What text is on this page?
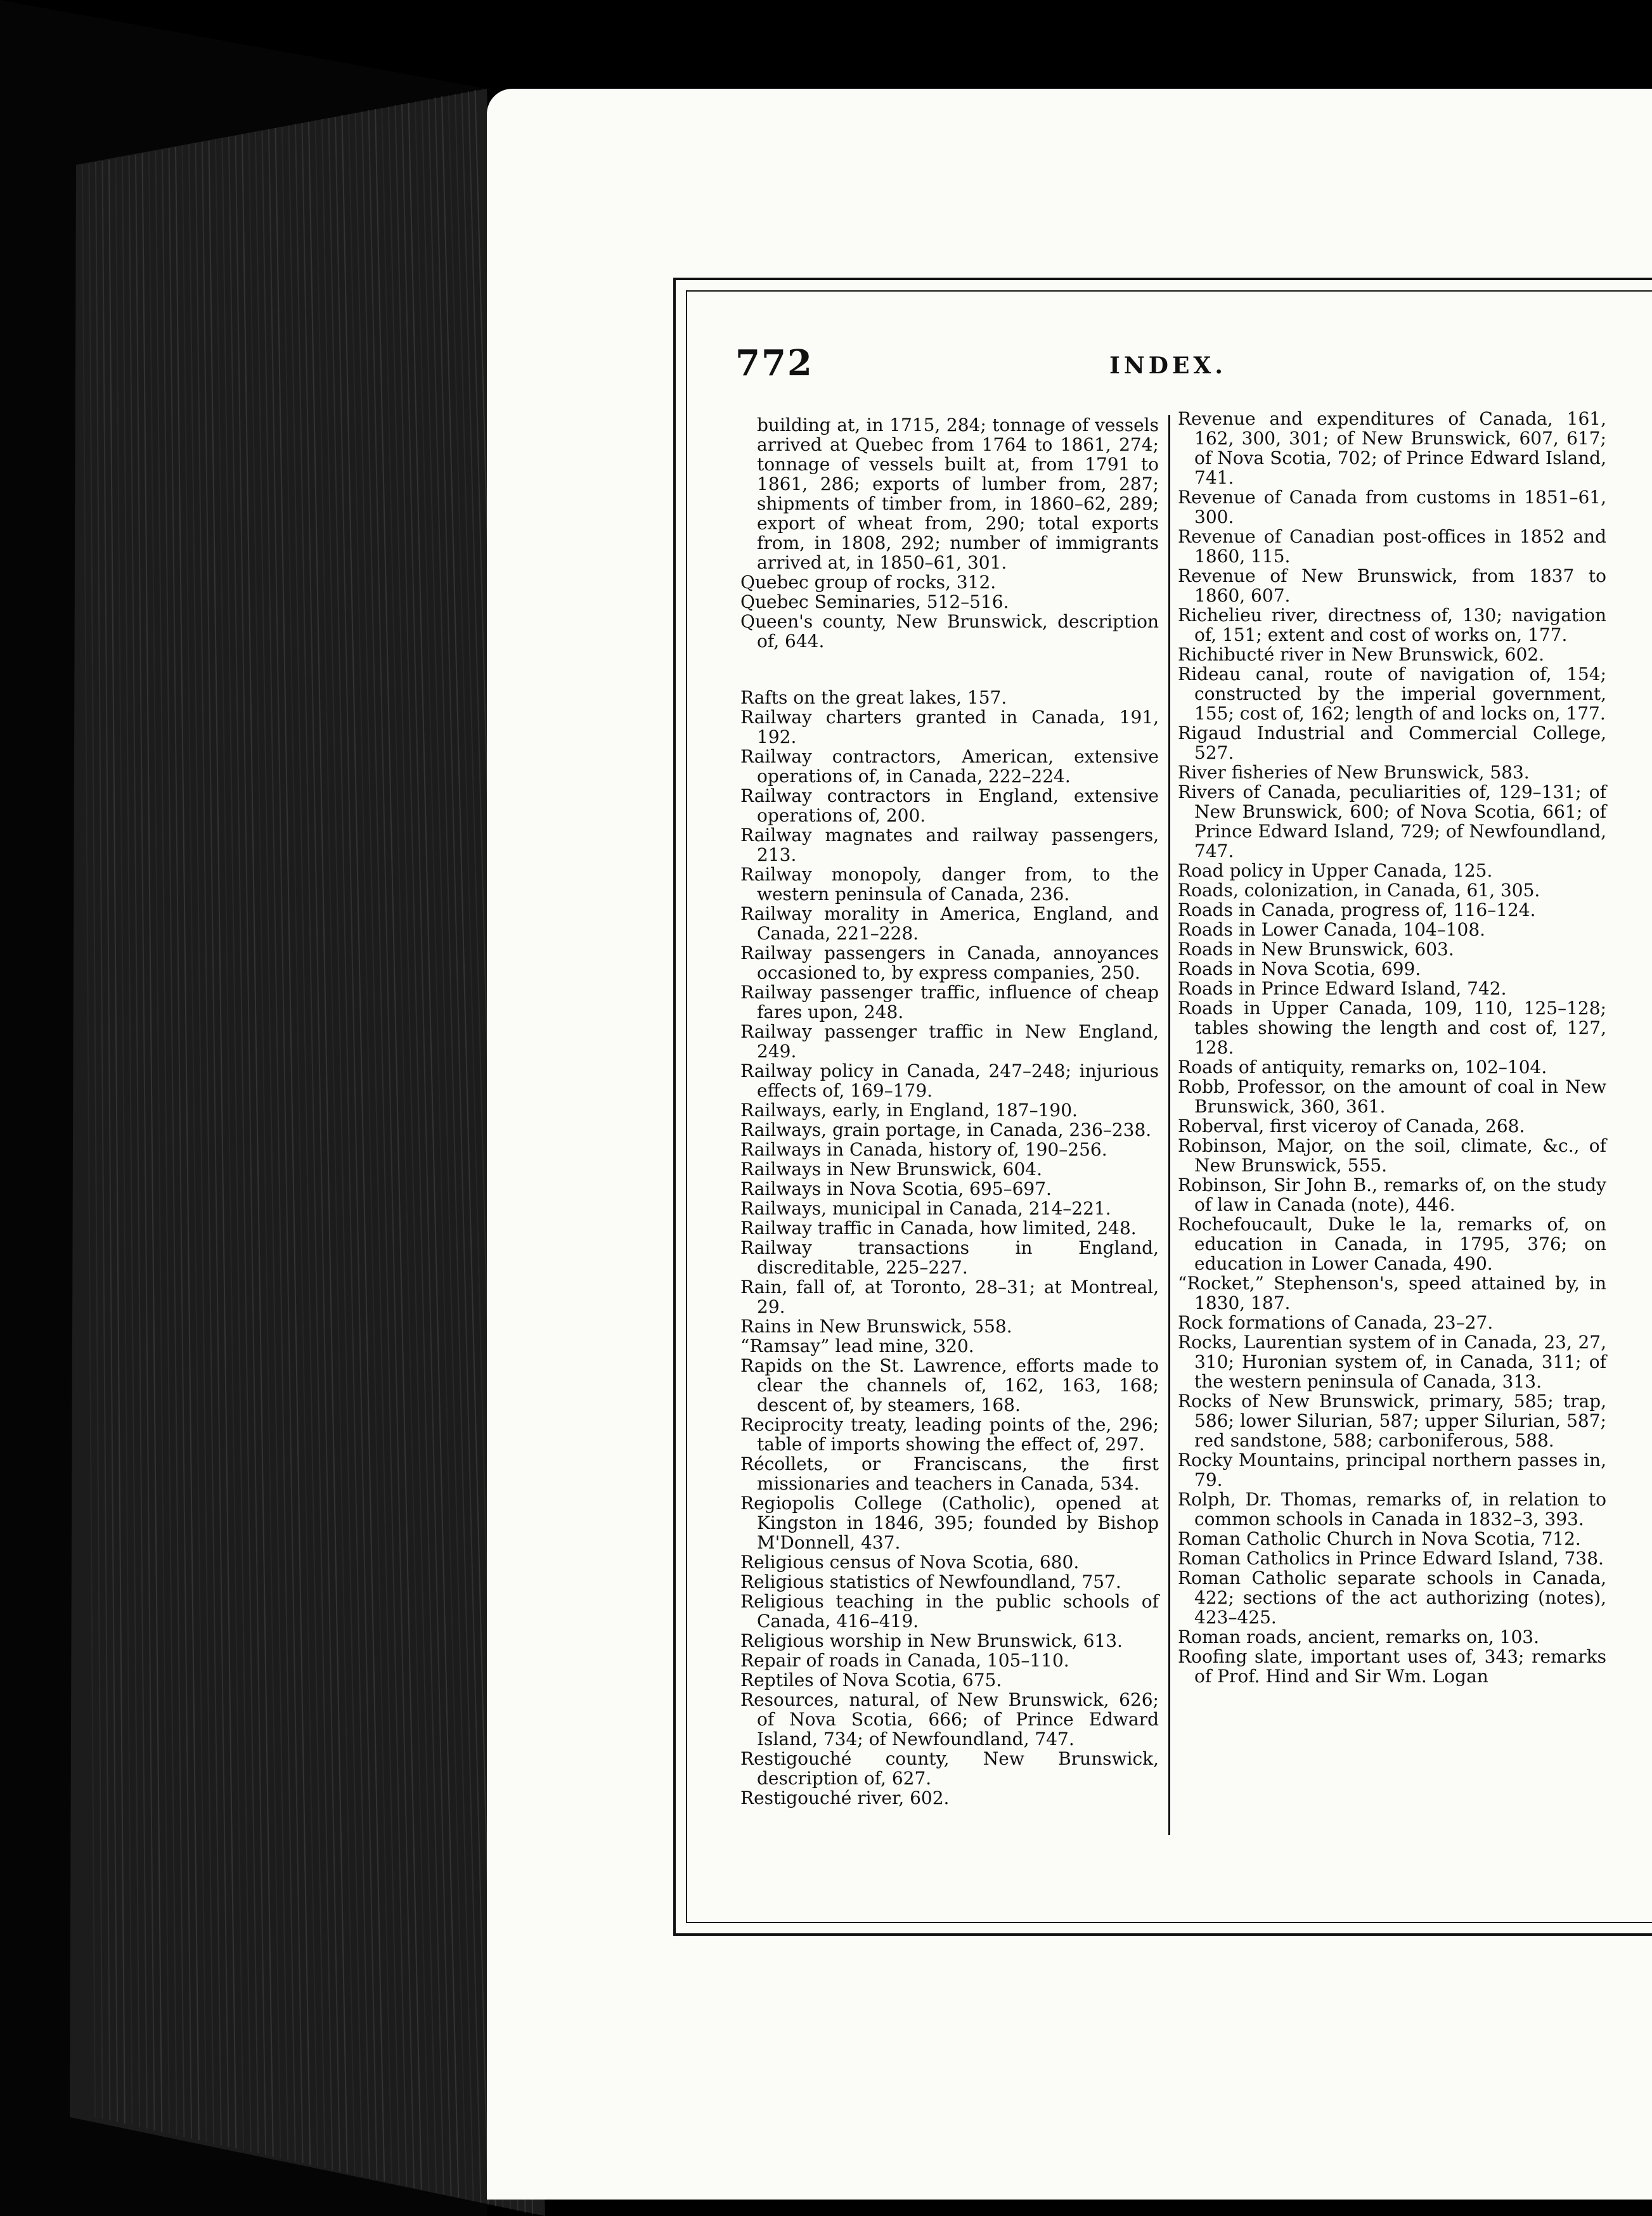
772	INDEX.

building at, in 1715, 284; tonnage of vessels arrived at Quebec from 1764 to 1861, 274; tonnage of vessels built at, from 1791 to 1861, 286; exports of lumber from, 287; shipments of timber from, in 1860–62, 289; export of wheat from, 290; total exports from, in 1808, 292; number of immigrants arrived at, in 1850–61, 301.

Quebec group of rocks, 312.

Quebec Seminaries, 512–516.

Queen's county, New Brunswick, description of, 644.

Rafts on the great lakes, 157.

Railway charters granted in Canada, 191, 192.

Railway contractors, American, extensive operations of, in Canada, 222–224.

Railway contractors in England, extensive operations of, 200.

Railway magnates and railway passengers, 213.

Railway monopoly, danger from, to the western peninsula of Canada, 236.

Railway morality in America, England, and Canada, 221–228.

Railway passengers in Canada, annoyances occasioned to, by express companies, 250.

Railway passenger traffic, influence of cheap fares upon, 248.

Railway passenger traffic in New England, 249.

Railway policy in Canada, 247–248; injurious effects of, 169–179.

Railways, early, in England, 187–190.

Railways, grain portage, in Canada, 236–238.

Railways in Canada, history of, 190–256.

Railways in New Brunswick, 604.

Railways in Nova Scotia, 695–697.

Railways, municipal in Canada, 214–221.

Railway traffic in Canada, how limited, 248.

Railway transactions in England, discreditable, 225–227.

Rain, fall of, at Toronto, 28–31; at Montreal, 29.

Rains in New Brunswick, 558.

“Ramsay” lead mine, 320.

Rapids on the St. Lawrence, efforts made to clear the channels of, 162, 163, 168; descent of, by steamers, 168.

Reciprocity treaty, leading points of the, 296; table of imports showing the effect of, 297.

Récollets, or Franciscans, the first missionaries and teachers in Canada, 534.

Regiopolis College (Catholic), opened at Kingston in 1846, 395; founded by Bishop M'Donnell, 437.

Religious census of Nova Scotia, 680.

Religious statistics of Newfoundland, 757.

Religious teaching in the public schools of Canada, 416–419.

Religious worship in New Brunswick, 613.

Repair of roads in Canada, 105–110.

Reptiles of Nova Scotia, 675.

Resources, natural, of New Brunswick, 626; of Nova Scotia, 666; of Prince Edward Island, 734; of Newfoundland, 747.

Restigouché county, New Brunswick, description of, 627.

Restigouché river, 602.

Revenue and expenditures of Canada, 161, 162, 300, 301; of New Brunswick, 607, 617; of Nova Scotia, 702; of Prince Edward Island, 741.

Revenue of Canada from customs in 1851–61, 300.

Revenue of Canadian post-offices in 1852 and 1860, 115.

Revenue of New Brunswick, from 1837 to 1860, 607.

Richelieu river, directness of, 130; navigation of, 151; extent and cost of works on, 177.

Richibucté river in New Brunswick, 602.

Rideau canal, route of navigation of, 154; constructed by the imperial government, 155; cost of, 162; length of and locks on, 177.

Rigaud Industrial and Commercial College, 527.

River fisheries of New Brunswick, 583.

Rivers of Canada, peculiarities of, 129–131; of New Brunswick, 600; of Nova Scotia, 661; of Prince Edward Island, 729; of Newfoundland, 747.

Road policy in Upper Canada, 125.

Roads, colonization, in Canada, 61, 305.

Roads in Canada, progress of, 116–124.

Roads in Lower Canada, 104–108.

Roads in New Brunswick, 603.

Roads in Nova Scotia, 699.

Roads in Prince Edward Island, 742.

Roads in Upper Canada, 109, 110, 125–128; tables showing the length and cost of, 127, 128.

Roads of antiquity, remarks on, 102–104.

Robb, Professor, on the amount of coal in New Brunswick, 360, 361.

Roberval, first viceroy of Canada, 268.

Robinson, Major, on the soil, climate, &c., of New Brunswick, 555.

Robinson, Sir John B., remarks of, on the study of law in Canada (note), 446.

Rochefoucault, Duke le la, remarks of, on education in Canada, in 1795, 376; on education in Lower Canada, 490.

“Rocket,” Stephenson's, speed attained by, in 1830, 187.

Rock formations of Canada, 23–27.

Rocks, Laurentian system of in Canada, 23, 27, 310; Huronian system of, in Canada, 311; of the western peninsula of Canada, 313.

Rocks of New Brunswick, primary, 585; trap, 586; lower Silurian, 587; upper Silurian, 587; red sandstone, 588; carboniferous, 588.

Rocky Mountains, principal northern passes in, 79.

Rolph, Dr. Thomas, remarks of, in relation to common schools in Canada in 1832–3, 393.

Roman Catholic Church in Nova Scotia, 712.

Roman Catholics in Prince Edward Island, 738.

Roman Catholic separate schools in Canada, 422; sections of the act authorizing (notes), 423–425.

Roman roads, ancient, remarks on, 103.

Roofing slate, important uses of, 343; remarks of Prof. Hind and Sir Wm. Logan
